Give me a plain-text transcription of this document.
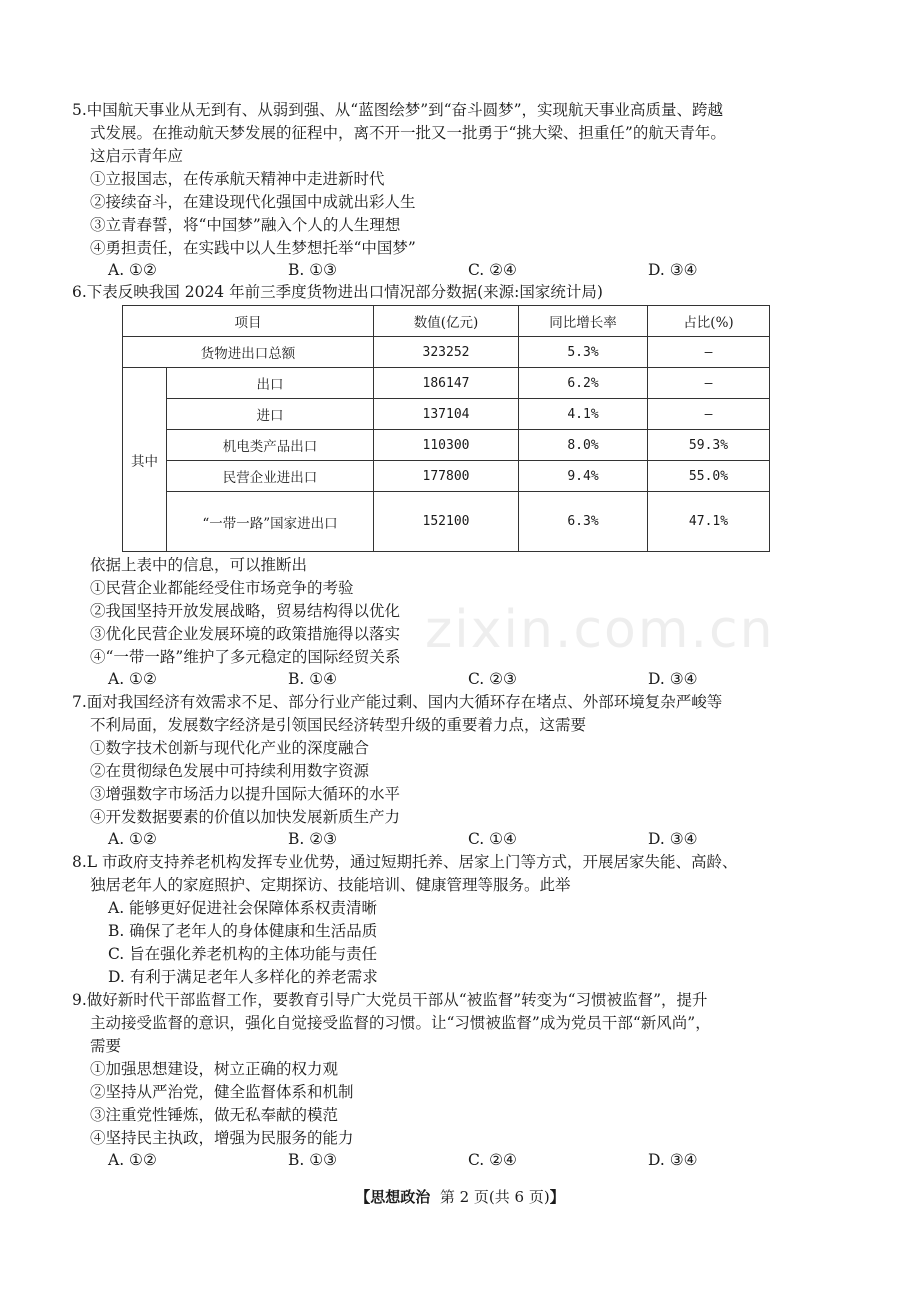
zixin.com.cn
5.中国航天事业从无到有、从弱到强、从“蓝图绘梦”到“奋斗圆梦”，实现航天事业高质量、跨越
式发展。在推动航天梦发展的征程中，离不开一批又一批勇于“挑大梁、担重任”的航天青年。
这启示青年应
①立报国志，在传承航天精神中走进新时代
②接续奋斗，在建设现代化强国中成就出彩人生
③立青春誓，将“中国梦”融入个人的人生理想
④勇担责任，在实践中以人生梦想托举“中国梦”
A. ①②	B. ①③	C. ②④	D. ③④
6.下表反映我国 2024 年前三季度货物进出口情况部分数据(来源:国家统计局)
项目		数值(亿元)	同比增长率	占比(%)
货物进出口总额		323252	5.3%	—
其中	出口	186147	6.2%	—
	进口	137104	4.1%	—
	机电类产品出口	110300	8.0%	59.3%
	民营企业进出口	177800	9.4%	55.0%
	“一带一路”国家进出口	152100	6.3%	47.1%
依据上表中的信息，可以推断出
①民营企业都能经受住市场竞争的考验
②我国坚持开放发展战略，贸易结构得以优化
③优化民营企业发展环境的政策措施得以落实
④“一带一路”维护了多元稳定的国际经贸关系
A. ①②	B. ①④	C. ②③	D. ③④
7.面对我国经济有效需求不足、部分行业产能过剩、国内大循环存在堵点、外部环境复杂严峻等
不利局面，发展数字经济是引领国民经济转型升级的重要着力点，这需要
①数字技术创新与现代化产业的深度融合
②在贯彻绿色发展中可持续利用数字资源
③增强数字市场活力以提升国际大循环的水平
④开发数据要素的价值以加快发展新质生产力
A. ①②	B. ②③	C. ①④	D. ③④
8.L 市政府支持养老机构发挥专业优势，通过短期托养、居家上门等方式，开展居家失能、高龄、
独居老年人的家庭照护、定期探访、技能培训、健康管理等服务。此举
A. 能够更好促进社会保障体系权责清晰
B. 确保了老年人的身体健康和生活品质
C. 旨在强化养老机构的主体功能与责任
D. 有利于满足老年人多样化的养老需求
9.做好新时代干部监督工作，要教育引导广大党员干部从“被监督”转变为“习惯被监督”，提升
主动接受监督的意识，强化自觉接受监督的习惯。让“习惯被监督”成为党员干部“新风尚”，
需要
①加强思想建设，树立正确的权力观
②坚持从严治党，健全监督体系和机制
③注重党性锤炼，做无私奉献的模范
④坚持民主执政，增强为民服务的能力
A. ①②	B. ①③	C. ②④	D. ③④
【思想政治 第 2 页(共 6 页)】
